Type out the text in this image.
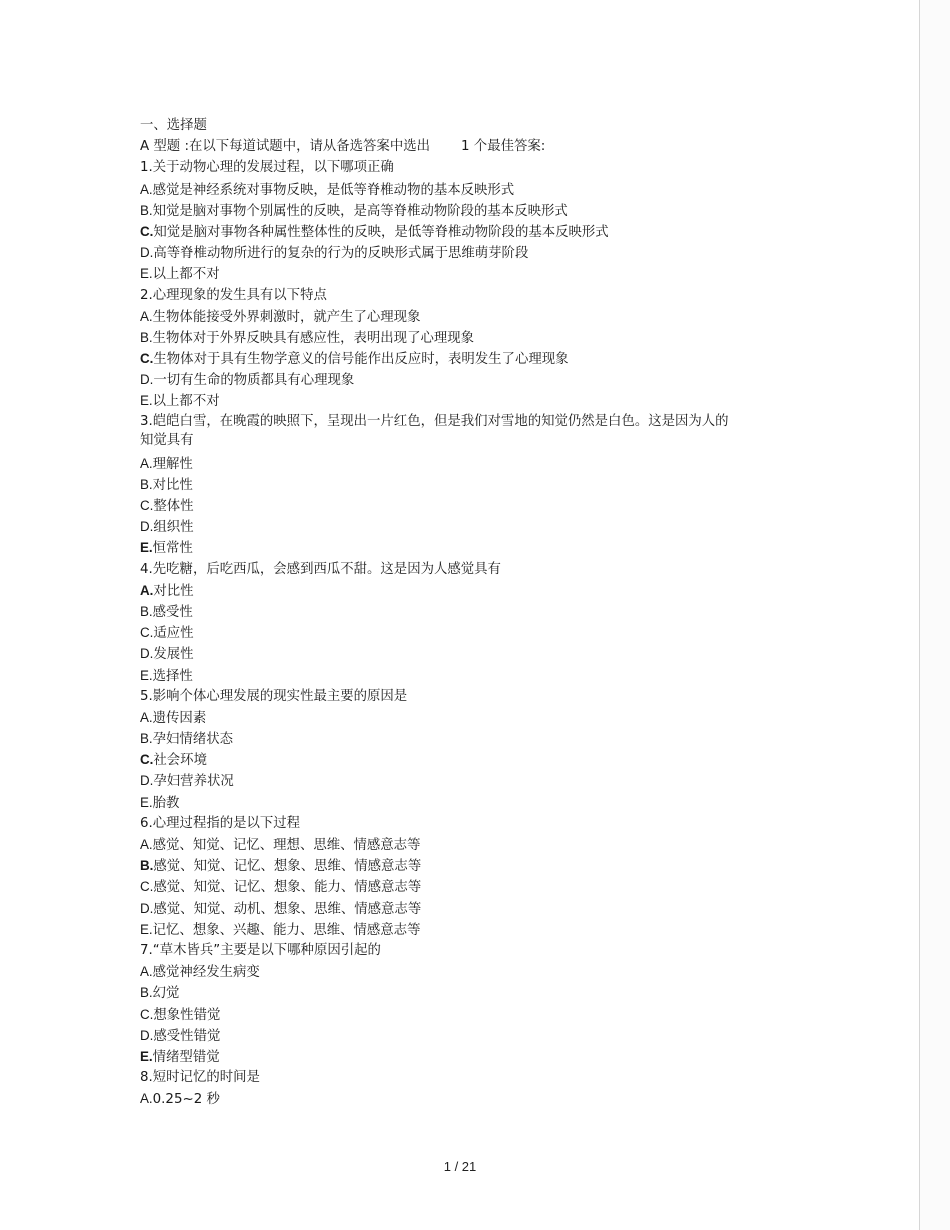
一、选择题
A 型题 :在以下每道试题中，请从备选答案中选出　　 1 个最佳答案:
1.关于动物心理的发展过程，以下哪项正确
A.感觉是神经系统对事物反映，是低等脊椎动物的基本反映形式
B.知觉是脑对事物个别属性的反映，是高等脊椎动物阶段的基本反映形式
C.知觉是脑对事物各种属性整体性的反映，是低等脊椎动物阶段的基本反映形式
D.高等脊椎动物所进行的复杂的行为的反映形式属于思维萌芽阶段
E.以上都不对
2.心理现象的发生具有以下特点
A.生物体能接受外界刺激时，就产生了心理现象
B.生物体对于外界反映具有感应性，表明出现了心理现象
C.生物体对于具有生物学意义的信号能作出反应时，表明发生了心理现象
D.一切有生命的物质都具有心理现象
E.以上都不对
3.皑皑白雪，在晚霞的映照下，呈现出一片红色，但是我们对雪地的知觉仍然是白色。这是因为人的知觉具有
A.理解性
B.对比性
C.整体性
D.组织性
E.恒常性
4.先吃糖，后吃西瓜，会感到西瓜不甜。这是因为人感觉具有
A.对比性
B.感受性
C.适应性
D.发展性
E.选择性
5.影响个体心理发展的现实性最主要的原因是
A.遗传因素
B.孕妇情绪状态
C.社会环境
D.孕妇营养状况
E.胎教
6.心理过程指的是以下过程
A.感觉、知觉、记忆、理想、思维、情感意志等
B.感觉、知觉、记忆、想象、思维、情感意志等
C.感觉、知觉、记忆、想象、能力、情感意志等
D.感觉、知觉、动机、想象、思维、情感意志等
E.记忆、想象、兴趣、能力、思维、情感意志等
7.“草木皆兵”主要是以下哪种原因引起的
A.感觉神经发生病变
B.幻觉
C.想象性错觉
D.感受性错觉
E.情绪型错觉
8.短时记忆的时间是
A.0.25~2 秒
1 / 21
